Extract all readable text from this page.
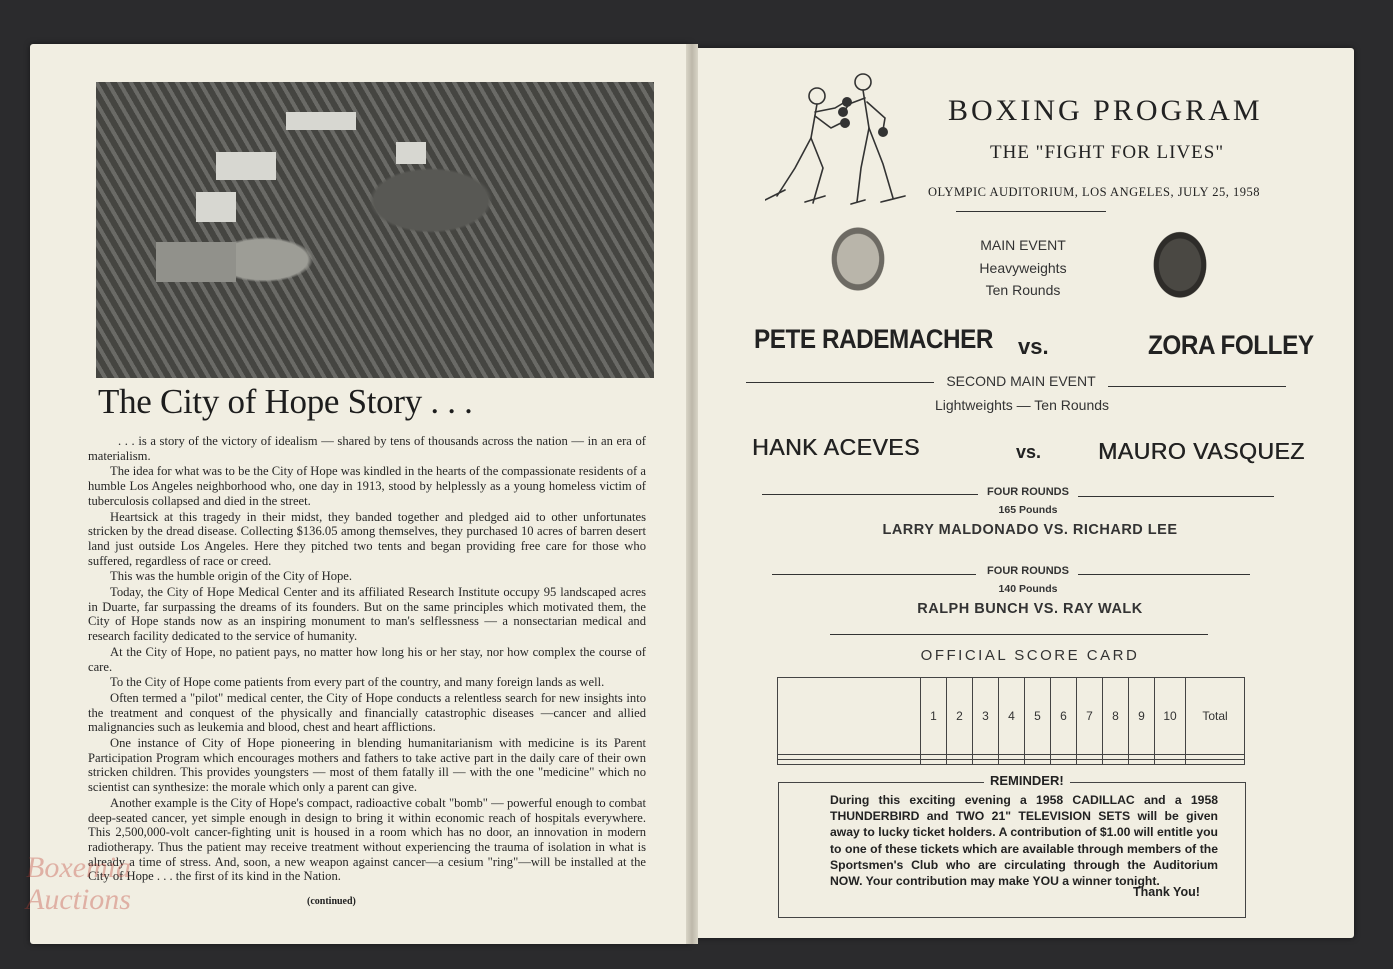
The City of Hope Story . . .

. . . is a story of the victory of idealism — shared by tens of thousands across the nation — in an era of materialism.

The idea for what was to be the City of Hope was kindled in the hearts of the compassionate residents of a humble Los Angeles neighborhood who, one day in 1913, stood by helplessly as a young homeless victim of tuberculosis collapsed and died in the street.

Heartsick at this tragedy in their midst, they banded together and pledged aid to other unfortunates stricken by the dread disease. Collecting $136.05 among themselves, they purchased 10 acres of barren desert land just outside Los Angeles. Here they pitched two tents and began providing free care for those who suffered, regardless of race or creed.

This was the humble origin of the City of Hope.

Today, the City of Hope Medical Center and its affiliated Research Institute occupy 95 landscaped acres in Duarte, far surpassing the dreams of its founders. But on the same principles which motivated them, the City of Hope stands now as an inspiring monument to man's selflessness — a nonsectarian medical and research facility dedicated to the service of humanity.

At the City of Hope, no patient pays, no matter how long his or her stay, nor how complex the course of care.

To the City of Hope come patients from every part of the country, and many foreign lands as well.

Often termed a "pilot" medical center, the City of Hope conducts a relentless search for new insights into the treatment and conquest of the physically and financially catastrophic diseases —cancer and allied malignancies such as leukemia and blood, chest and heart afflictions.

One instance of City of Hope pioneering in blending humanitarianism with medicine is its Parent Participation Program which encourages mothers and fathers to take active part in the daily care of their own stricken children. This provides youngsters — most of them fatally ill — with the one "medicine" which no scientist can synthesize: the morale which only a parent can give.

Another example is the City of Hope's compact, radioactive cobalt "bomb" — powerful enough to combat deep-seated cancer, yet simple enough in design to bring it within economic reach of hospitals everywhere. This 2,500,000-volt cancer-fighting unit is housed in a room which has no door, an innovation in modern radiotherapy. Thus the patient may receive treatment without experiencing the trauma of isolation in what is already a time of stress. And, soon, a new weapon against cancer—a cesium "ring"—will be installed at the City of Hope . . . the first of its kind in the Nation.

(continued)
Boxemia
Auctions
BOXING PROGRAM
THE "FIGHT FOR LIVES"
OLYMPIC AUDITORIUM, LOS ANGELES, JULY 25, 1958
MAIN EVENT
Heavyweights
Ten Rounds
PETE RADEMACHER vs.	ZORA FOLLEY
SECOND MAIN EVENT
Lightweights — Ten Rounds
HANK ACEVES	vs. MAURO VASQUEZ
FOUR ROUNDS
165 Pounds
LARRY MALDONADO VS. RICHARD LEE
FOUR ROUNDS
140 Pounds
RALPH BUNCH VS. RAY WALK
OFFICIAL SCORE CARD
	1	2	3	4	5	6	7	8	9	10	Total

REMINDER!
During this exciting evening a 1958 CADILLAC and a 1958 THUNDERBIRD and TWO 21" TELEVISION SETS will be given away to lucky ticket holders. A contribution of $1.00 will entitle you to one of these tickets which are available through members of the Sportsmen's Club who are circulating through the Auditorium NOW. Your contribution may make YOU a winner tonight.
Thank You!
